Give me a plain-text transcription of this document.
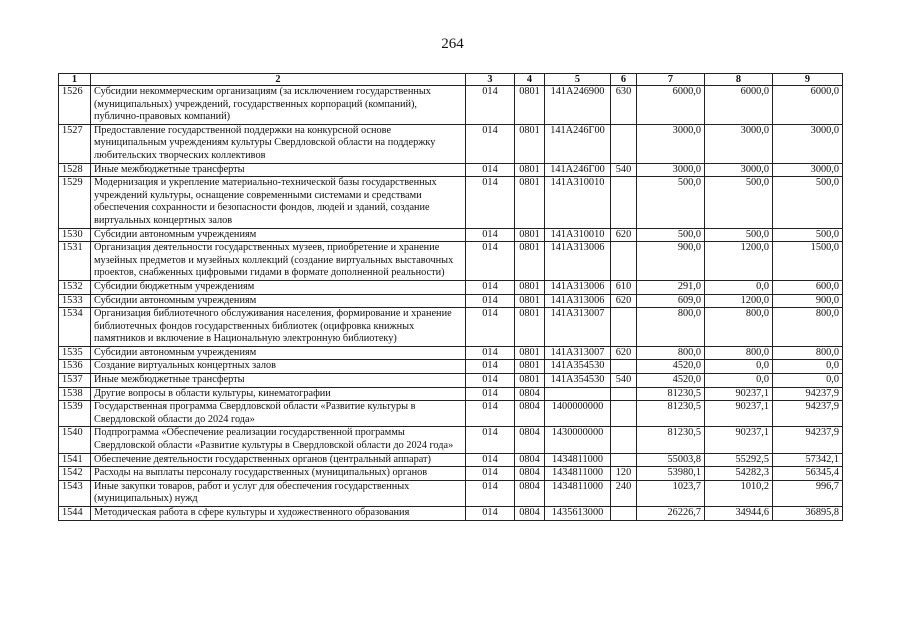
264
1	2	3	4	5	6	7	8	9
1526	Субсидии некоммерческим организациям (за исключением государственных (муниципальных) учреждений, государственных корпораций (компаний), публично-правовых компаний)	014	0801	141A246900	630	6000,0	6000,0	6000,0
1527	Предоставление государственной поддержки на конкурсной основе муниципальным учреждениям культуры Свердловской области на поддержку любительских творческих коллективов	014	0801	141A246Г00		3000,0	3000,0	3000,0
1528	Иные межбюджетные трансферты	014	0801	141A246Г00	540	3000,0	3000,0	3000,0
1529	Модернизация и укрепление материально-технической базы государственных учреждений культуры, оснащение современными системами и средствами обеспечения сохранности и безопасности фондов, людей и зданий, создание виртуальных концертных залов	014	0801	141A310010		500,0	500,0	500,0
1530	Субсидии автономным учреждениям	014	0801	141A310010	620	500,0	500,0	500,0
1531	Организация деятельности государственных музеев, приобретение и хранение музейных предметов и музейных коллекций (создание виртуальных выставочных проектов, снабженных цифровыми гидами в формате дополненной реальности)	014	0801	141A313006		900,0	1200,0	1500,0
1532	Субсидии бюджетным учреждениям	014	0801	141A313006	610	291,0	0,0	600,0
1533	Субсидии автономным учреждениям	014	0801	141A313006	620	609,0	1200,0	900,0
1534	Организация библиотечного обслуживания населения, формирование и хранение библиотечных фондов государственных библиотек (оцифровка книжных памятников и включение в Национальную электронную библиотеку)	014	0801	141A313007		800,0	800,0	800,0
1535	Субсидии автономным учреждениям	014	0801	141A313007	620	800,0	800,0	800,0
1536	Создание виртуальных концертных залов	014	0801	141A354530		4520,0	0,0	0,0
1537	Иные межбюджетные трансферты	014	0801	141A354530	540	4520,0	0,0	0,0
1538	Другие вопросы в области культуры, кинематографии	014	0804			81230,5	90237,1	94237,9
1539	Государственная программа Свердловской области «Развитие культуры в Свердловской области до 2024 года»	014	0804	1400000000		81230,5	90237,1	94237,9
1540	Подпрограмма «Обеспечение реализации государственной программы Свердловской области «Развитие культуры в Свердловской области до 2024 года»	014	0804	1430000000		81230,5	90237,1	94237,9
1541	Обеспечение деятельности государственных органов (центральный аппарат)	014	0804	1434811000		55003,8	55292,5	57342,1
1542	Расходы на выплаты персоналу государственных (муниципальных) органов	014	0804	1434811000	120	53980,1	54282,3	56345,4
1543	Иные закупки товаров, работ и услуг для обеспечения государственных (муниципальных) нужд	014	0804	1434811000	240	1023,7	1010,2	996,7
1544	Методическая работа в сфере культуры и художественного образования	014	0804	1435613000		26226,7	34944,6	36895,8
